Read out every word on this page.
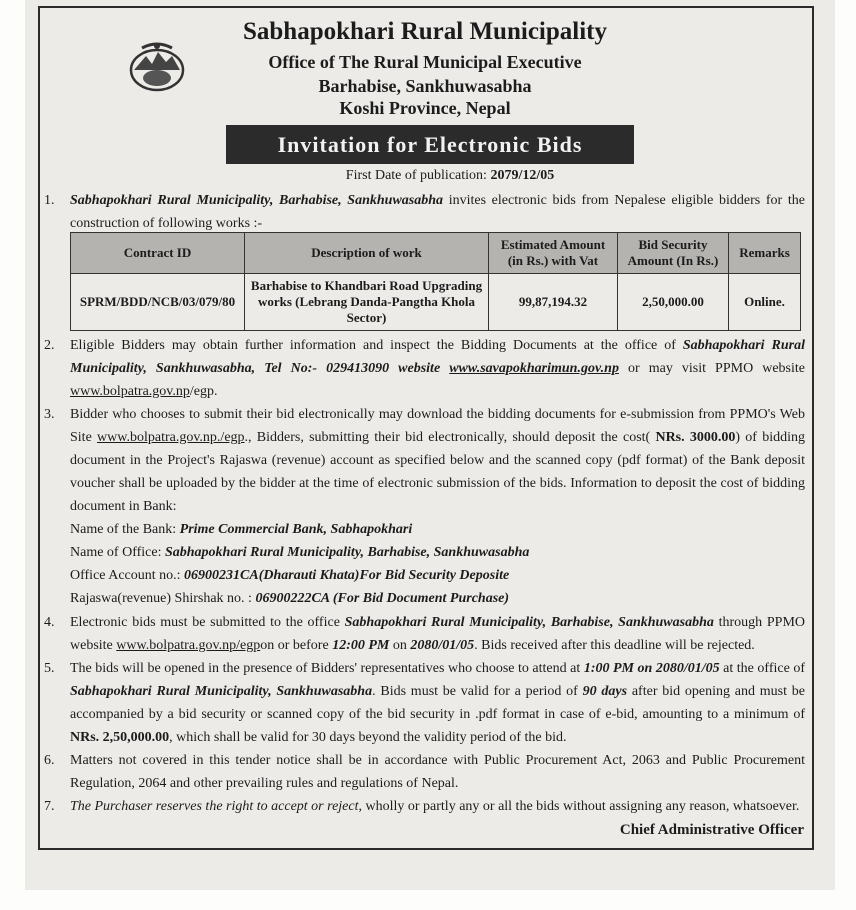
Sabhapokhari Rural Municipality
Office of The Rural Municipal Executive
Barhabise, Sankhuwasabha
Koshi Province, Nepal
Invitation for Electronic Bids
First Date of publication: 2079/12/05
1. Sabhapokhari Rural Municipality, Barhabise, Sankhuwasabha invites electronic bids from Nepalese eligible bidders for the construction of following works :-
Contract ID	Description of work	Estimated Amount (in Rs.) with Vat	Bid Security Amount (In Rs.)	Remarks
SPRM/BDD/NCB/03/079/80	Barhabise to Khandbari Road Upgrading works (Lebrang Danda-Pangtha Khola Sector)	99,87,194.32	2,50,000.00	Online.
2. Eligible Bidders may obtain further information and inspect the Bidding Documents at the office of Sabhapokhari Rural Municipality, Sankhuwasabha, Tel No:- 029413090 website www.savapokharimun.gov.np or may visit PPMO website www.bolpatra.gov.np/egp.
3. Bidder who chooses to submit their bid electronically may download the bidding documents for e-submission from PPMO's Web Site www.bolpatra.gov.np./egp., Bidders, submitting their bid electronically, should deposit the cost( NRs. 3000.00) of bidding document in the Project's Rajaswa (revenue) account as specified below and the scanned copy (pdf format) of the Bank deposit voucher shall be uploaded by the bidder at the time of electronic submission of the bids. Information to deposit the cost of bidding document in Bank:
Name of the Bank: Prime Commercial Bank, Sabhapokhari
Name of Office: Sabhapokhari Rural Municipality, Barhabise, Sankhuwasabha
Office Account no.: 06900231CA(Dharauti Khata)For Bid Security Deposite
Rajaswa(revenue) Shirshak no. : 06900222CA (For Bid Document Purchase)
4. Electronic bids must be submitted to the office Sabhapokhari Rural Municipality, Barhabise, Sankhuwasabha through PPMO website www.bolpatra.gov.np/egpon or before 12:00 PM on 2080/01/05. Bids received after this deadline will be rejected.
5. The bids will be opened in the presence of Bidders' representatives who choose to attend at 1:00 PM on 2080/01/05 at the office of Sabhapokhari Rural Municipality, Sankhuwasabha. Bids must be valid for a period of 90 days after bid opening and must be accompanied by a bid security or scanned copy of the bid security in .pdf format in case of e-bid, amounting to a minimum of NRs. 2,50,000.00, which shall be valid for 30 days beyond the validity period of the bid.
6. Matters not covered in this tender notice shall be in accordance with Public Procurement Act, 2063 and Public Procurement Regulation, 2064 and other prevailing rules and regulations of Nepal.
7. The Purchaser reserves the right to accept or reject, wholly or partly any or all the bids without assigning any reason, whatsoever.
Chief Administrative Officer
